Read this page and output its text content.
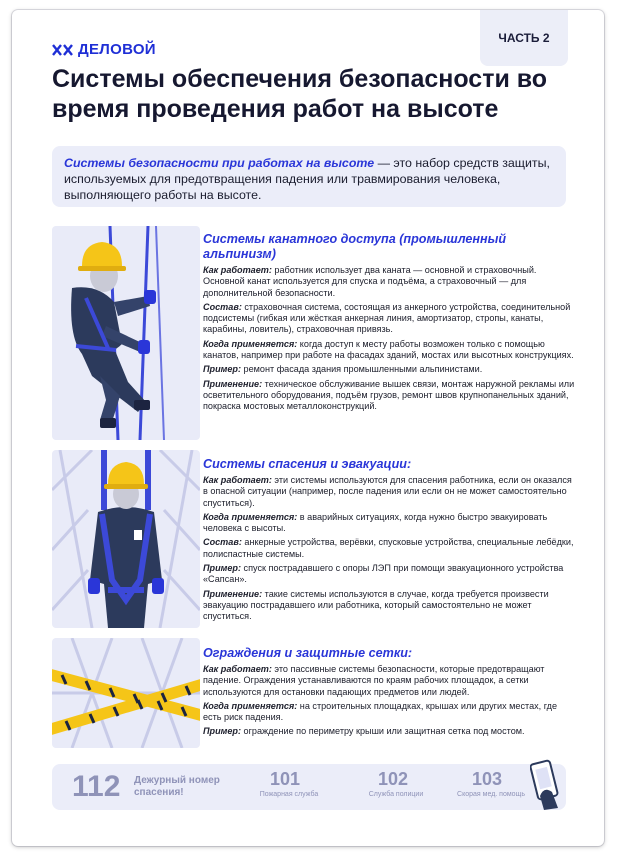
ЧАСТЬ 2
ДЕЛОВОЙ
Системы обеспечения безопасности во время проведения работ на высоте
Системы безопасности при работах на высоте — это набор средств защиты, используемых для предотвращения падения или травмирования человека, выполняющего работы на высоте.
Системы канатного доступа (промышленный альпинизм)

Как работает: работник использует два каната — основной и страховочный. Основной канат используется для спуска и подъёма, а страховочный — для дополнительной безопасности.

Состав: страховочная система, состоящая из анкерного устройства, соединительной подсистемы (гибкая или жёсткая анкерная линия, амортизатор, стропы, канаты, карабины, ловитель), страховочная привязь.

Когда применяется: когда доступ к месту работы возможен только с помощью канатов, например при работе на фасадах зданий, мостах или высотных конструкциях.

Пример: ремонт фасада здания промышленными альпинистами.

Применение: техническое обслуживание вышек связи, монтаж наружной рекламы или осветительного оборудования, подъём грузов, ремонт швов крупнопанельных зданий, покраска мостовых металлоконструкций.

Системы спасения и эвакуации:

Как работает: эти системы используются для спасения работника, если он оказался в опасной ситуации (например, после падения или если он не может самостоятельно спуститься).

Когда применяется: в аварийных ситуациях, когда нужно быстро эвакуировать человека с высоты.

Состав: анкерные устройства, верёвки, спусковые устройства, специальные лебёдки, полиспастные системы.

Пример: спуск пострадавшего с опоры ЛЭП при помощи эвакуационного устройства «Сапсан».

Применение: такие системы используются в случае, когда требуется произвести эвакуацию пострадавшего или работника, который самостоятельно не может спуститься.

Ограждения и защитные сетки:

Как работает: это пассивные системы безопасности, которые предотвращают падение. Ограждения устанавливаются по краям рабочих площадок, а сетки используются для остановки падающих предметов или людей.

Когда применяется: на строительных площадках, крышах или других местах, где есть риск падения.

Пример: ограждение по периметру крыши или защитная сетка под мостом.

112 Дежурный номер спасения!
101
Пожарная служба
102
Служба полиции
103
Скорая мед. помощь
